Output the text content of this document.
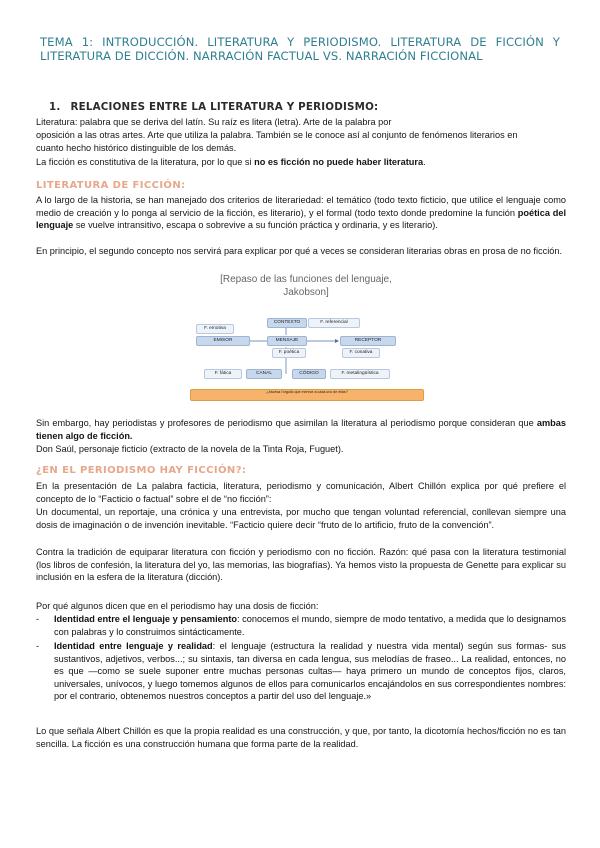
TEMA 1: INTRODUCCIÓN. LITERATURA Y PERIODISMO. LITERATURA DE FICCIÓN Y LITERATURA DE DICCIÓN. NARRACIÓN FACTUAL VS. NARRACIÓN FICCIONAL
1. RELACIONES ENTRE LA LITERATURA Y PERIODISMO:
Literatura: palabra que se deriva del latín. Su raíz es litera (letra). Arte de la palabra por
oposición a las otras artes. Arte que utiliza la palabra. También se le conoce así al conjunto de fenómenos literarios en
cuanto hecho histórico distinguible de los demás.
La ficción es constitutiva de la literatura, por lo que si no es ficción no puede haber literatura.
LITERATURA DE FICCIÓN:
A lo largo de la historia, se han manejado dos criterios de literariedad: el temático (todo texto ficticio, que utilice el lenguaje como medio de creación y lo ponga al servicio de la ficción, es literario), y el formal (todo texto donde predomine la función poética del lenguaje se vuelve intransitivo, escapa o sobrevive a su función práctica y ordinaria, y es literario).
En principio, el segundo concepto nos servirá para explicar por qué a veces se consideran literarias obras en prosa de no ficción.
[Repaso de las funciones del lenguaje,
Jakobson]
CONTEXTO	F. referencial
F. emotiva
EMISOR	MENSAJE	RECEPTOR
F. poética	F. conativa
F. fática	CANAL	CÓDIGO	F. metalingüística
¿Ascesa l'orgullo que merece a cada uno de ellas?
Sin embargo, hay periodistas y profesores de periodismo que asimilan la literatura al periodismo porque consideran que ambas tienen algo de ficción.
Don Saúl, personaje ficticio (extracto de la novela de la Tinta Roja, Fuguet).
¿EN EL PERIODISMO HAY FICCIÓN?:
En la presentación de La palabra facticia, literatura, periodismo y comunicación, Albert Chillón explica por qué prefiere el concepto de lo “Facticio o factual” sobre el de “no ficción”:
Un documental, un reportaje, una crónica y una entrevista, por mucho que tengan voluntad referencial, conllevan siempre una dosis de imaginación o de invención inevitable. “Facticio quiere decir “fruto de lo artificio, fruto de la convención”.
Contra la tradición de equiparar literatura con ficción y periodismo con no ficción. Razón: qué pasa con la literatura testimonial (los libros de confesión, la literatura del yo, las memorias, las biografías). Ya hemos visto la propuesta de Genette para explicar su inclusión en la esfera de la literatura (dicción).
Por qué algunos dicen que en el periodismo hay una dosis de ficción:
- Identidad entre el lenguaje y pensamiento: conocemos el mundo, siempre de modo tentativo, a medida que lo designamos con palabras y lo construimos sintácticamente.
- Identidad entre lenguaje y realidad: el lenguaje (estructura la realidad y nuestra vida mental) según sus formas- sus sustantivos, adjetivos, verbos...; su sintaxis, tan diversa en cada lengua, sus melodías de fraseo... La realidad, entonces, no es que —como se suele suponer entre muchas personas cultas— haya primero un mundo de conceptos fijos, claros, universales, unívocos, y luego tomemos algunos de ellos para comunicarlos encajándolos en sus correspondientes nombres: por el contrario, obtenemos nuestros conceptos a partir del uso del lenguaje.»
Lo que señala Albert Chillón es que la propia realidad es una construcción, y que, por tanto, la dicotomía hechos/ficción no es tan sencilla. La ficción es una construcción humana que forma parte de la realidad.
